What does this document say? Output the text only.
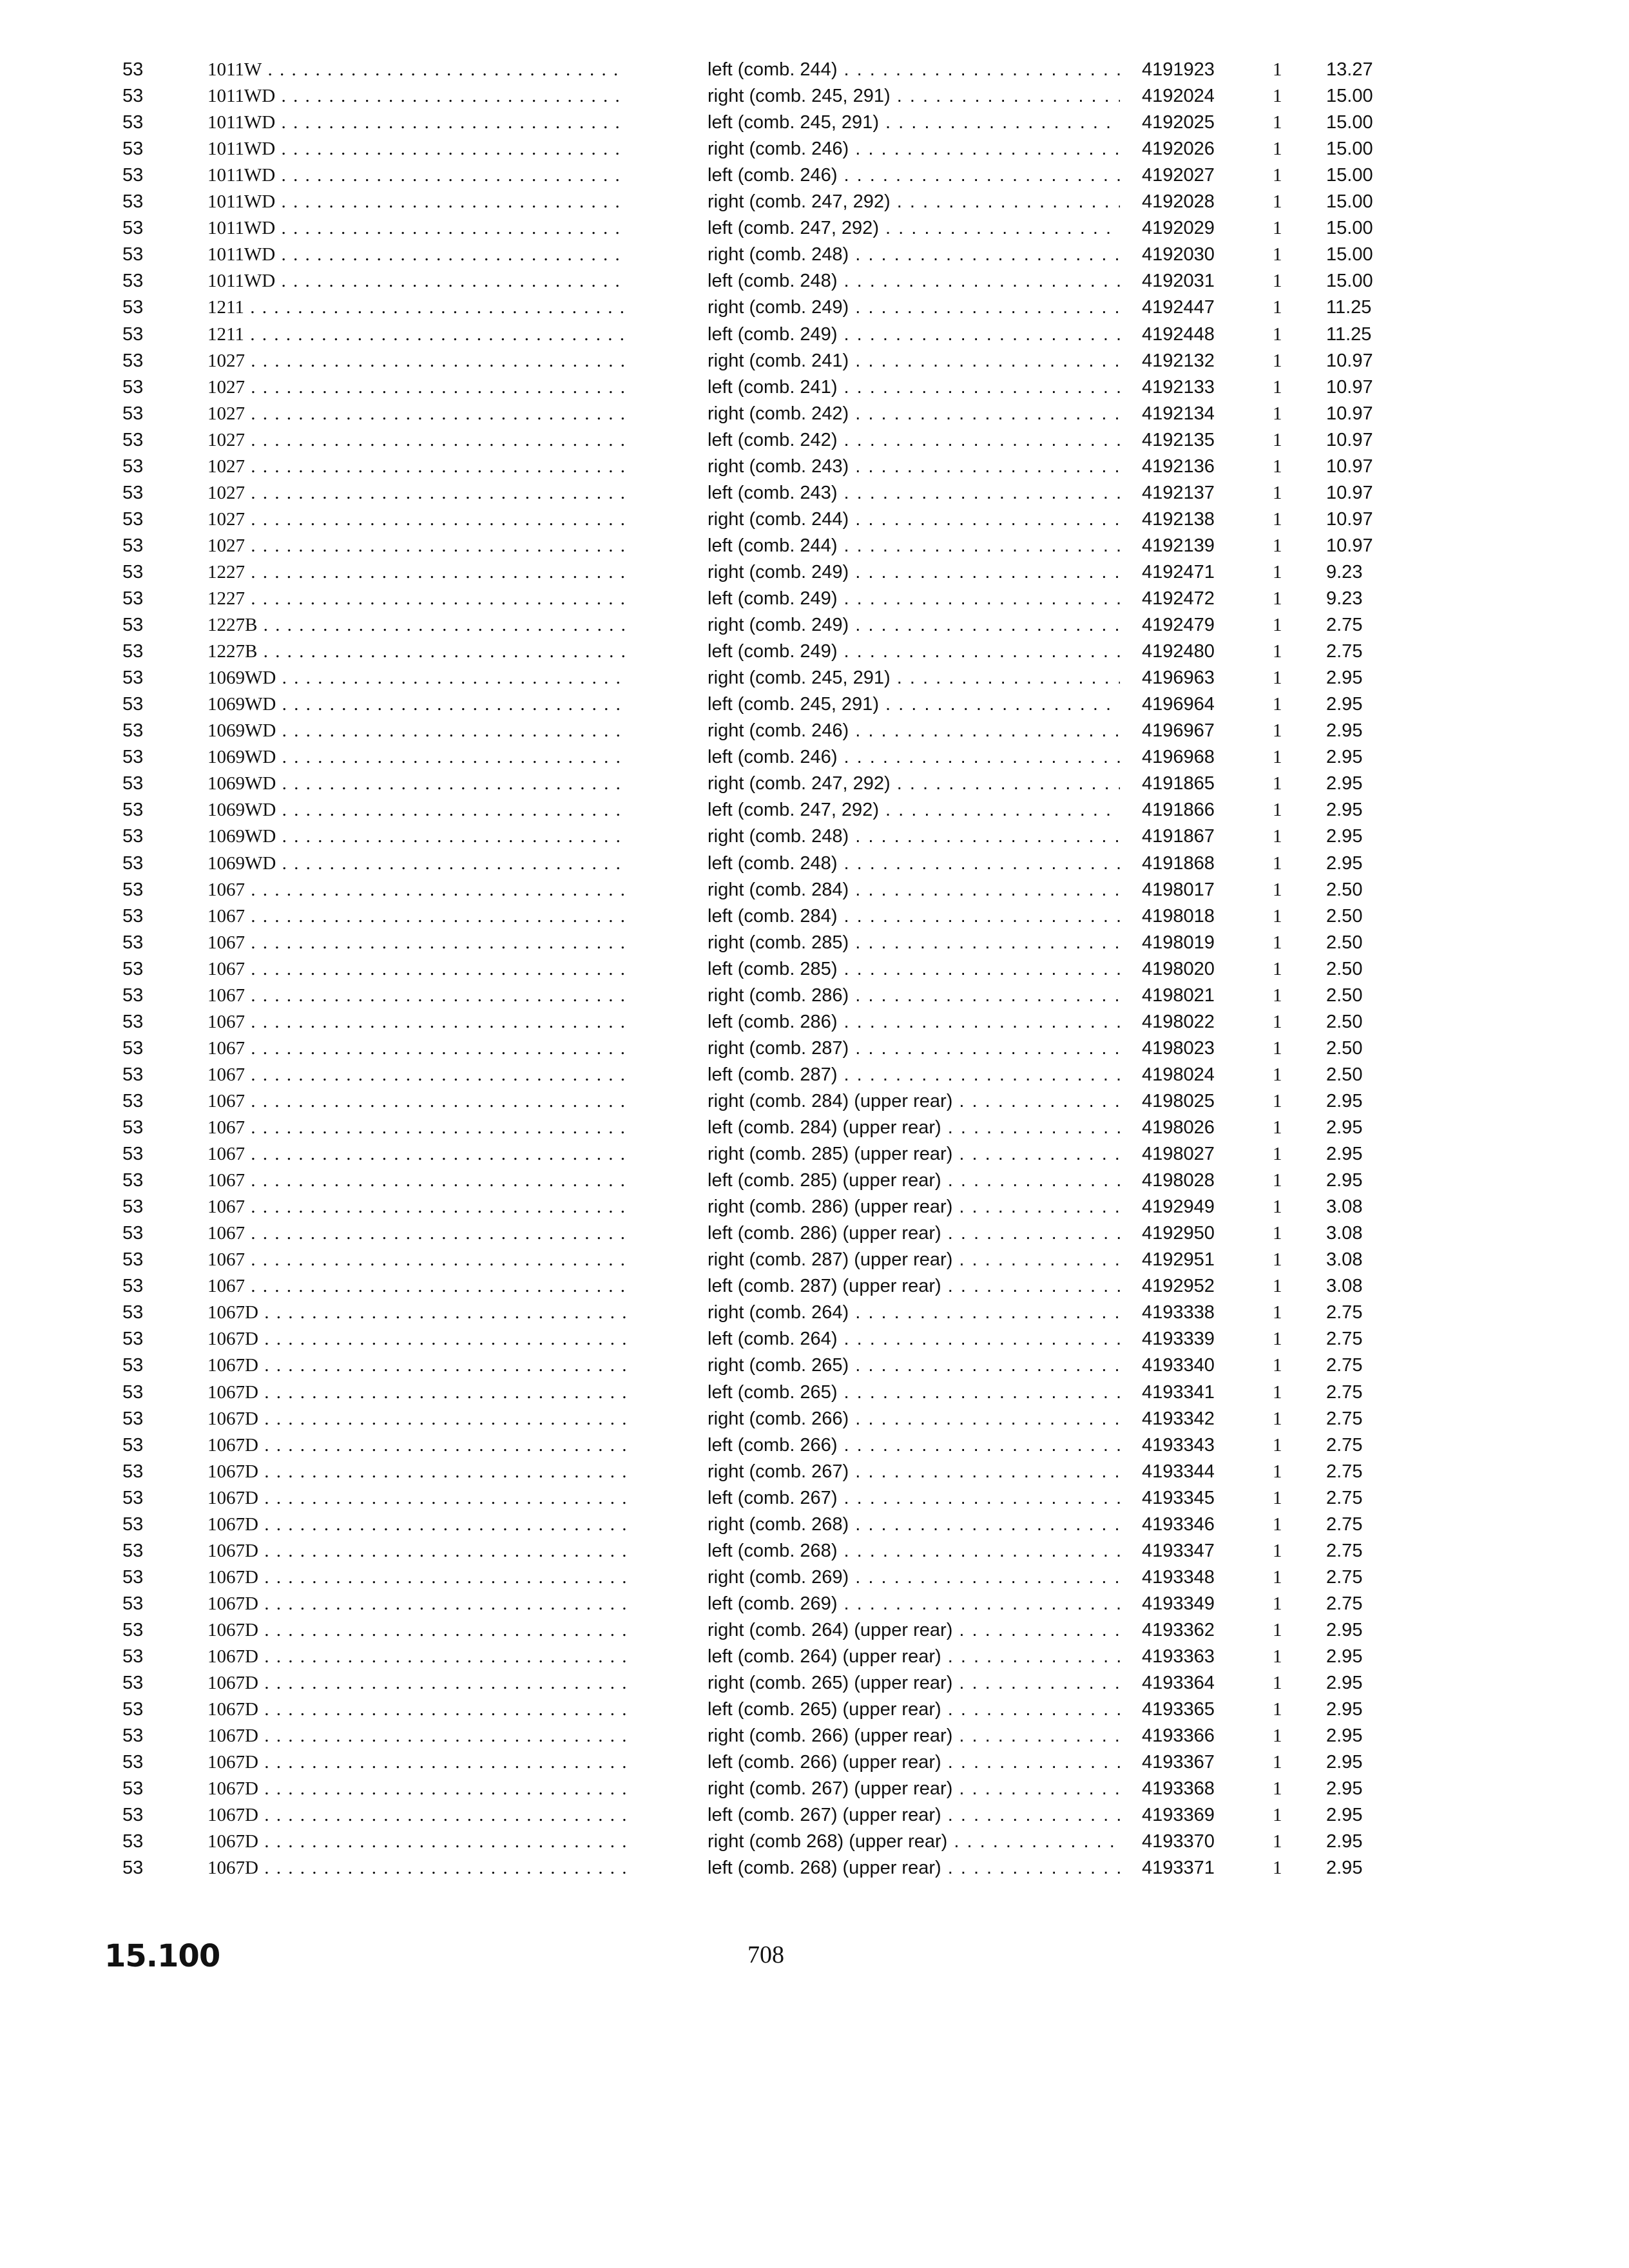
53	1011W . . .	left (comb. 244) . . .	4191923	1	13.27
53	1011WD . . .	right (comb. 245, 291) . . .	4192024	1	15.00
53	1011WD . . .	left (comb. 245, 291) . . .	4192025	1	15.00
53	1011WD . . .	right (comb. 246) . . .	4192026	1	15.00
53	1011WD . . .	left (comb. 246) . . .	4192027	1	15.00
53	1011WD . . .	right (comb. 247, 292) . . .	4192028	1	15.00
53	1011WD . . .	left (comb. 247, 292) . . .	4192029	1	15.00
53	1011WD . . .	right (comb. 248) . . .	4192030	1	15.00
53	1011WD . . .	left (comb. 248) . . .	4192031	1	15.00
53	1211 . . .	right (comb. 249) . . .	4192447	1	11.25
53	1211 . . .	left (comb. 249) . . .	4192448	1	11.25
53	1027 . . .	right (comb. 241) . . .	4192132	1	10.97
53	1027 . . .	left (comb. 241) . . .	4192133	1	10.97
53	1027 . . .	right (comb. 242) . . .	4192134	1	10.97
53	1027 . . .	left (comb. 242) . . .	4192135	1	10.97
53	1027 . . .	right (comb. 243) . . .	4192136	1	10.97
53	1027 . . .	left (comb. 243) . . .	4192137	1	10.97
53	1027 . . .	right (comb. 244) . . .	4192138	1	10.97
53	1027 . . .	left (comb. 244) . . .	4192139	1	10.97
53	1227 . . .	right (comb. 249) . . .	4192471	1	9.23
53	1227 . . .	left (comb. 249) . . .	4192472	1	9.23
53	1227B . . .	right (comb. 249) . . .	4192479	1	2.75
53	1227B . . .	left (comb. 249) . . .	4192480	1	2.75
53	1069WD . . .	right (comb. 245, 291) . . .	4196963	1	2.95
53	1069WD . . .	left (comb. 245, 291) . . .	4196964	1	2.95
53	1069WD . . .	right (comb. 246) . . .	4196967	1	2.95
53	1069WD . . .	left (comb. 246) . . .	4196968	1	2.95
53	1069WD . . .	right (comb. 247, 292) . . .	4191865	1	2.95
53	1069WD . . .	left (comb. 247, 292) . . .	4191866	1	2.95
53	1069WD . . .	right (comb. 248) . . .	4191867	1	2.95
53	1069WD . . .	left (comb. 248) . . .	4191868	1	2.95
53	1067 . . .	right (comb. 284) . . .	4198017	1	2.50
53	1067 . . .	left (comb. 284) . . .	4198018	1	2.50
53	1067 . . .	right (comb. 285) . . .	4198019	1	2.50
53	1067 . . .	left (comb. 285) . . .	4198020	1	2.50
53	1067 . . .	right (comb. 286) . . .	4198021	1	2.50
53	1067 . . .	left (comb. 286) . . .	4198022	1	2.50
53	1067 . . .	right (comb. 287) . . .	4198023	1	2.50
53	1067 . . .	left (comb. 287) . . .	4198024	1	2.50
53	1067 . . .	right (comb. 284) (upper rear) . . .	4198025	1	2.95
53	1067 . . .	left (comb. 284) (upper rear) . . .	4198026	1	2.95
53	1067 . . .	right (comb. 285) (upper rear) . . .	4198027	1	2.95
53	1067 . . .	left (comb. 285) (upper rear) . . .	4198028	1	2.95
53	1067 . . .	right (comb. 286) (upper rear) . . .	4192949	1	3.08
53	1067 . . .	left (comb. 286) (upper rear) . . .	4192950	1	3.08
53	1067 . . .	right (comb. 287) (upper rear) . . .	4192951	1	3.08
53	1067 . . .	left (comb. 287) (upper rear) . . .	4192952	1	3.08
53	1067D . . .	right (comb. 264) . . .	4193338	1	2.75
53	1067D . . .	left (comb. 264) . . .	4193339	1	2.75
53	1067D . . .	right (comb. 265) . . .	4193340	1	2.75
53	1067D . . .	left (comb. 265) . . .	4193341	1	2.75
53	1067D . . .	right (comb. 266) . . .	4193342	1	2.75
53	1067D . . .	left (comb. 266) . . .	4193343	1	2.75
53	1067D . . .	right (comb. 267) . . .	4193344	1	2.75
53	1067D . . .	left (comb. 267) . . .	4193345	1	2.75
53	1067D . . .	right (comb. 268) . . .	4193346	1	2.75
53	1067D . . .	left (comb. 268) . . .	4193347	1	2.75
53	1067D . . .	right (comb. 269) . . .	4193348	1	2.75
53	1067D . . .	left (comb. 269) . . .	4193349	1	2.75
53	1067D . . .	right (comb. 264) (upper rear) . . .	4193362	1	2.95
53	1067D . . .	left (comb. 264) (upper rear) . . .	4193363	1	2.95
53	1067D . . .	right (comb. 265) (upper rear) . . .	4193364	1	2.95
53	1067D . . .	left (comb. 265) (upper rear) . . .	4193365	1	2.95
53	1067D . . .	right (comb. 266) (upper rear) . . .	4193366	1	2.95
53	1067D . . .	left (comb. 266) (upper rear) . . .	4193367	1	2.95
53	1067D . . .	right (comb. 267) (upper rear) . . .	4193368	1	2.95
53	1067D . . .	left (comb. 267) (upper rear) . . .	4193369	1	2.95
53	1067D . . .	right (comb 268) (upper rear) . . .	4193370	1	2.95
53	1067D . . .	left (comb. 268) (upper rear) . . .	4193371	1	2.95
15.100	708
